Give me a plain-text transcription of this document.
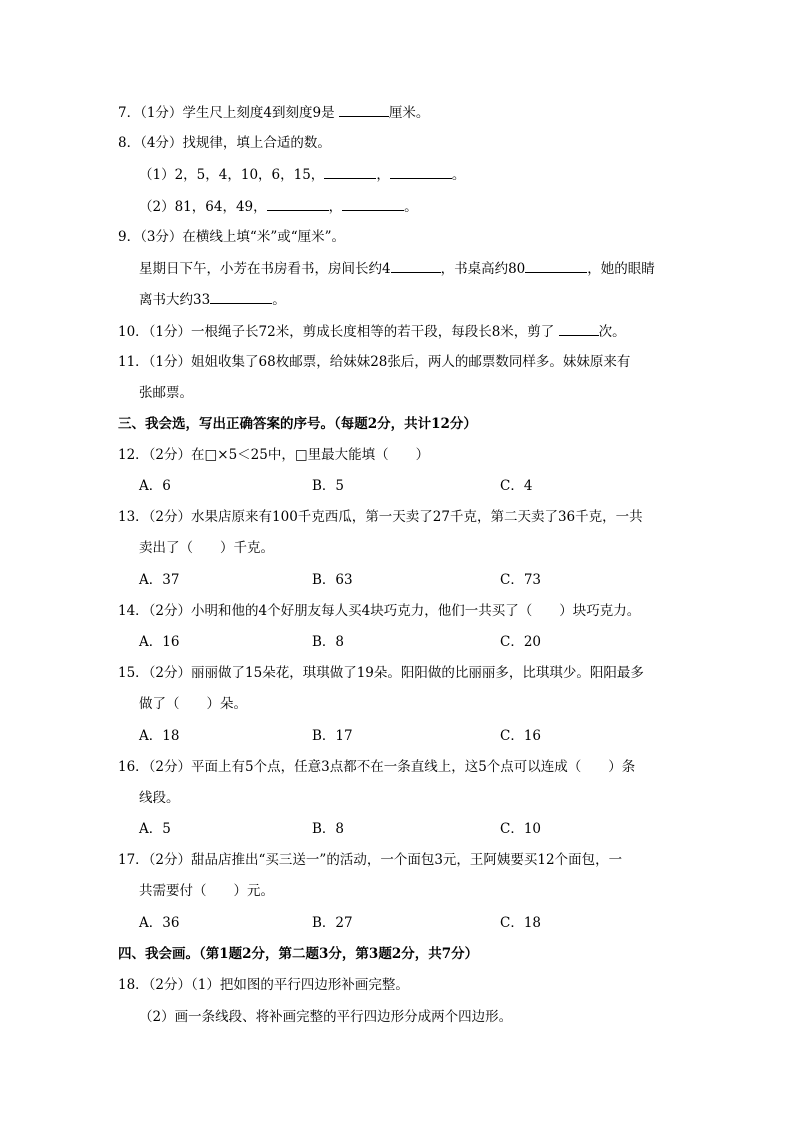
7．（1分）学生尺上刻度4到刻度9是	厘米。
8．（4分）找规律，填上合适的数。
（1）2，5，4，10，6，15，	，	。
（2）81，64，49，	，	。
9．（3分）在横线上填“米”或“厘米”。
星期日下午，小芳在书房看书，房间长约4	，书桌高约80	，她的眼睛
离书大约33	。
10．（1分）一根绳子长72米，剪成长度相等的若干段，每段长8米，剪了	次。
11．（1分）姐姐收集了68枚邮票，给妹妹28张后，两人的邮票数同样多。妹妹原来有
张邮票。
三、我会选，写出正确答案的序号。（每题2分，共计12分）
12．（2分）在□×5＜25中，□里最大能填（　　）
A．6	B．5	C．4
13．（2分）水果店原来有100千克西瓜，第一天卖了27千克，第二天卖了36千克，一共
卖出了（　　）千克。
A．37	B．63	C．73
14．（2分）小明和他的4个好朋友每人买4块巧克力，他们一共买了（　　）块巧克力。
A．16	B．8	C．20
15．（2分）丽丽做了15朵花，琪琪做了19朵。阳阳做的比丽丽多，比琪琪少。阳阳最多
做了（　　）朵。
A．18	B．17	C．16
16．（2分）平面上有5个点，任意3点都不在一条直线上，这5个点可以连成（　　）条
线段。
A．5	B．8	C．10
17．（2分）甜品店推出“买三送一”的活动，一个面包3元，王阿姨要买12个面包，一
共需要付（　　）元。
A．36	B．27	C．18
四、我会画。（第1题2分，第二题3分，第3题2分，共7分）
18．（2分）（1）把如图的平行四边形补画完整。
（2）画一条线段、将补画完整的平行四边形分成两个四边形。
